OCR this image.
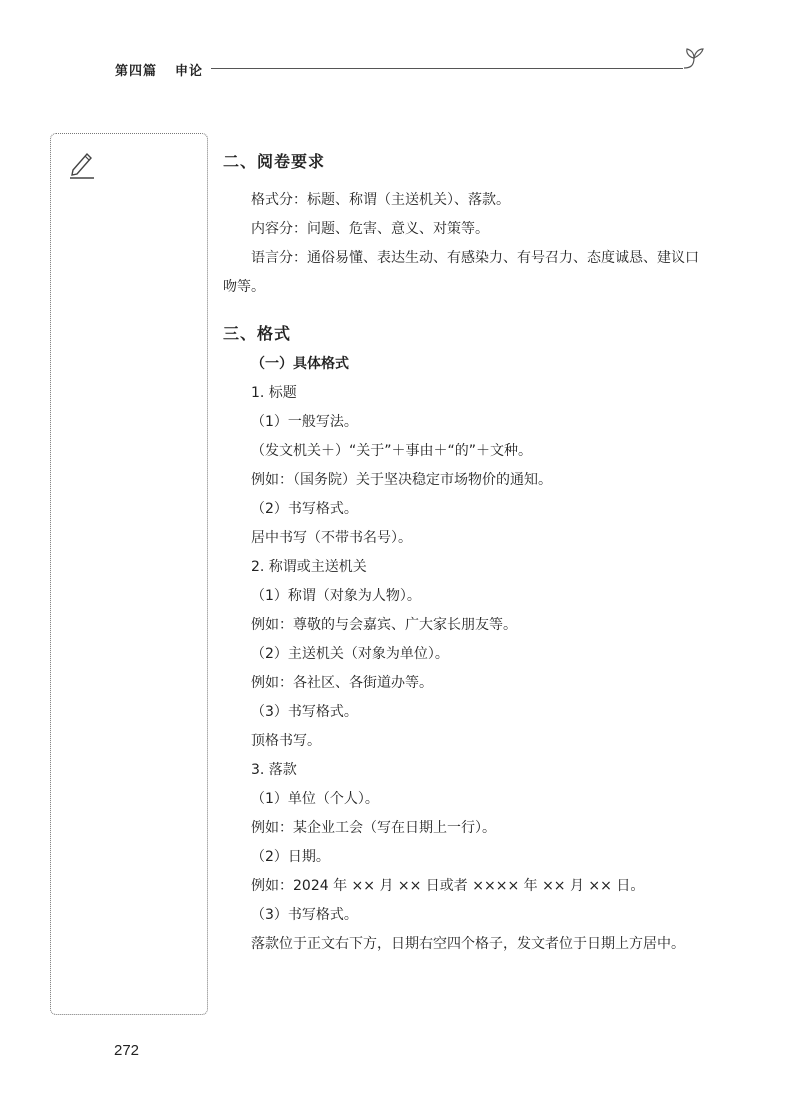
第四篇 申论
二、阅卷要求

格式分：标题、称谓（主送机关）、落款。

内容分：问题、危害、意义、对策等。

语言分：通俗易懂、表达生动、有感染力、有号召力、态度诚恳、建议口吻等。

三、格式

（一）具体格式

1. 标题

（1）一般写法。

（发文机关＋）“关于”＋事由＋“的”＋文种。

例如：（国务院）关于坚决稳定市场物价的通知。

（2）书写格式。

居中书写（不带书名号）。

2. 称谓或主送机关

（1）称谓（对象为人物）。

例如：尊敬的与会嘉宾、广大家长朋友等。

（2）主送机关（对象为单位）。

例如：各社区、各街道办等。

（3）书写格式。

顶格书写。

3. 落款

（1）单位（个人）。

例如：某企业工会（写在日期上一行）。

（2）日期。

例如：2024 年 ×× 月 ×× 日或者 ×××× 年 ×× 月 ×× 日。

（3）书写格式。

落款位于正文右下方，日期右空四个格子，发文者位于日期上方居中。

272
